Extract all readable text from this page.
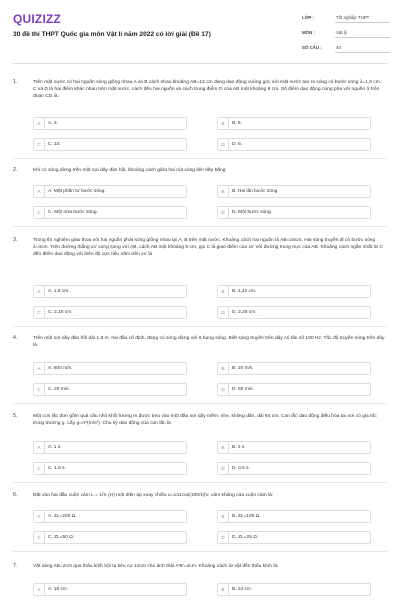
QUIZIZZ
30 đề thi THPT Quốc gia môn Vật lí năm 2022 có lời giải (Đề 17)
LỚP :	Tốt nghiệp THPT
MÔN :	Vật lý
SỐ CÂU :	40
1.	Trên mặt nước có hai nguồn sóng giống nhau A và B cách nhau khoảng AB=12 cm đang dao động vuông góc với mặt nước tạo ra sóng có bước sóng λ=1,6 cm. C và D là hai điểm khác nhau trên mặt nước, cách đều hai nguồn và cách trung điểm O của AB một khoảng 8 cm. Số điểm dao động cùng pha với nguồn ở trên đoạn CD là:
A	A. 3.	B	B. 5.
C	C. 10.	D	D. 6.
2.	Khi có sóng dừng trên một sợi dây đàn hồi, khoảng cách giữa hai nút sóng liên tiếp bằng
A	A. Một phần tư bước sóng.	B	B. Hai lần bước sóng.
C	C. Một nửa bước sóng.	D	D. Một bước sóng.
3.	Trong thí nghiệm giao thoa với hai nguồn phát sóng giống nhau tại A, B trên mặt nước. Khoảng cách hai nguồn là AB=16cm. Hai sóng truyền đi có bước sóng λ=4cm. Trên đường thẳng xx' song song với AB, cách AB một khoảng 8 cm, gọi C là giao điểm của xx' với đường trung trực của AB. Khoảng cách ngắn nhất từ C đến điểm dao động với biên độ cực tiểu nằm trên xx' là
A	A. 1,5 cm.	B	B. 1,42 cm.
C	C. 2,15 cm.	D	D. 2,25 cm.
4.	Trên một sợi dây đàn hồi dài 1,8 m, hai đầu cố định, đang có sóng dừng với 6 bụng sóng. Biết sóng truyền trên dây có tần số 100 Hz. Tốc độ truyền sóng trên dây là
A	A. 600 m/s.	B	B. 10 m/s.
C	C. 20 m/s.	D	D. 60 m/s.
5.	Một con lắc đơn gồm quả cầu nhỏ khối lượng m được treo vào một đầu sợi dây mềm, nhẹ, không dãn, dài 64 cm. Con lắc dao động điều hòa tại nơi có gia tốc trọng trường g. Lấy g=π²(m/s²). Chu kỳ dao động của con lắc là
A	A. 1 s.	B	B. 2 s.
C	C. 1,6 s.	D	D. 0,5 s.
6.	Đặt vào hai đầu cuộn cảm L = 1/π (H) một điện áp xoay chiều u=141cos(100πt)V, cảm kháng của cuộn cảm là:
A	A. ZL=200 Ω.	B	B. ZL=100 Ω.
C	C. ZL=50 Ω.	D	D. ZL=25 Ω.
7.	Vật sáng AB=2cm qua thấu kính hội tụ tiêu cự 12cm cho ảnh thật A'B'=4cm. Khoảng cách từ vật đến thấu kính là:
A	A. 18 cm	B	B. 24 cm
